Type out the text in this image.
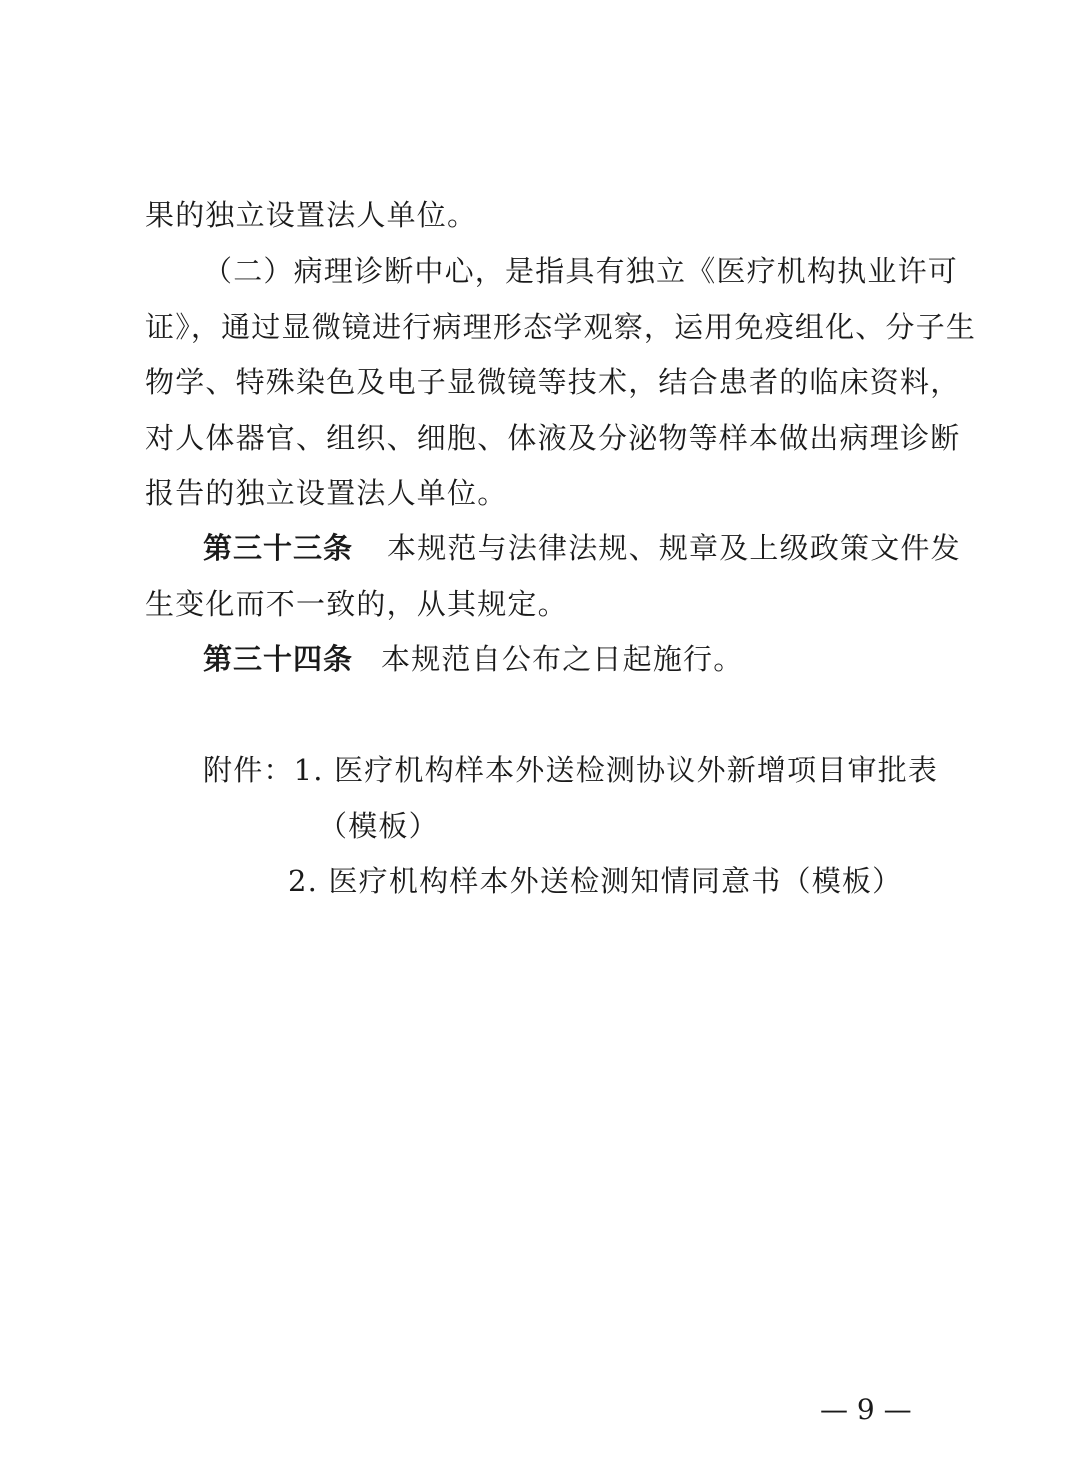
果的独立设置法人单位。
（二）病理诊断中心，是指具有独立《医疗机构执业许可
证》，通过显微镜进行病理形态学观察，运用免疫组化、分子生
物学、特殊染色及电子显微镜等技术，结合患者的临床资料，
对人体器官、组织、细胞、体液及分泌物等样本做出病理诊断
报告的独立设置法人单位。
第三十三条 本规范与法律法规、规章及上级政策文件发
生变化而不一致的，从其规定。
第三十四条 本规范自公布之日起施行。
附件：1. 医疗机构样本外送检测协议外新增项目审批表
（模板）
2. 医疗机构样本外送检测知情同意书（模板）
— 9 —
